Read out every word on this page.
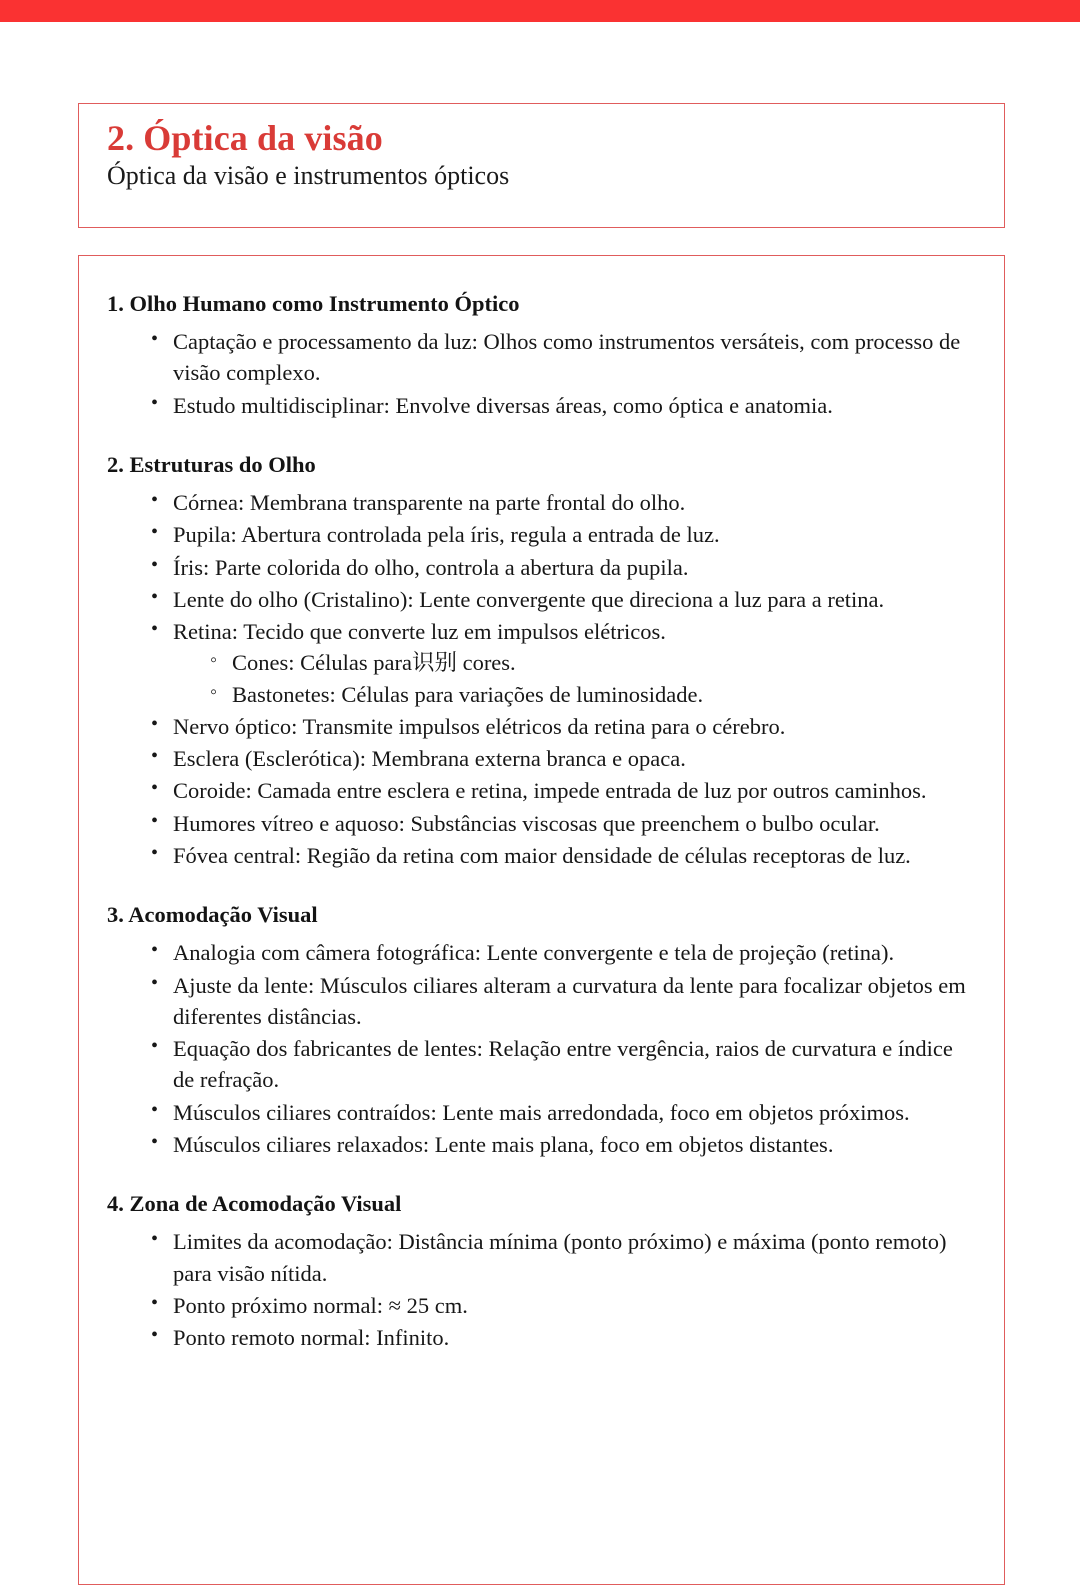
2. Óptica da visão
Óptica da visão e instrumentos ópticos
1. Olho Humano como Instrumento Óptico
• Captação e processamento da luz: Olhos como instrumentos versáteis, com processo de visão complexo.
• Estudo multidisciplinar: Envolve diversas áreas, como óptica e anatomia.
2. Estruturas do Olho
• Córnea: Membrana transparente na parte frontal do olho.
• Pupila: Abertura controlada pela íris, regula a entrada de luz.
• Íris: Parte colorida do olho, controla a abertura da pupila.
• Lente do olho (Cristalino): Lente convergente que direciona a luz para a retina.
• Retina: Tecido que converte luz em impulsos elétricos.
◦ Cones: Células para识别 cores.
◦ Bastonetes: Células para variações de luminosidade.
• Nervo óptico: Transmite impulsos elétricos da retina para o cérebro.
• Esclera (Esclerótica): Membrana externa branca e opaca.
• Coroide: Camada entre esclera e retina, impede entrada de luz por outros caminhos.
• Humores vítreo e aquoso: Substâncias viscosas que preenchem o bulbo ocular.
• Fóvea central: Região da retina com maior densidade de células receptoras de luz.
3. Acomodação Visual
• Analogia com câmera fotográfica: Lente convergente e tela de projeção (retina).
• Ajuste da lente: Músculos ciliares alteram a curvatura da lente para focalizar objetos em diferentes distâncias.
• Equação dos fabricantes de lentes: Relação entre vergência, raios de curvatura e índice de refração.
• Músculos ciliares contraídos: Lente mais arredondada, foco em objetos próximos.
• Músculos ciliares relaxados: Lente mais plana, foco em objetos distantes.
4. Zona de Acomodação Visual
• Limites da acomodação: Distância mínima (ponto próximo) e máxima (ponto remoto) para visão nítida.
• Ponto próximo normal: ≈ 25 cm.
• Ponto remoto normal: Infinito.
